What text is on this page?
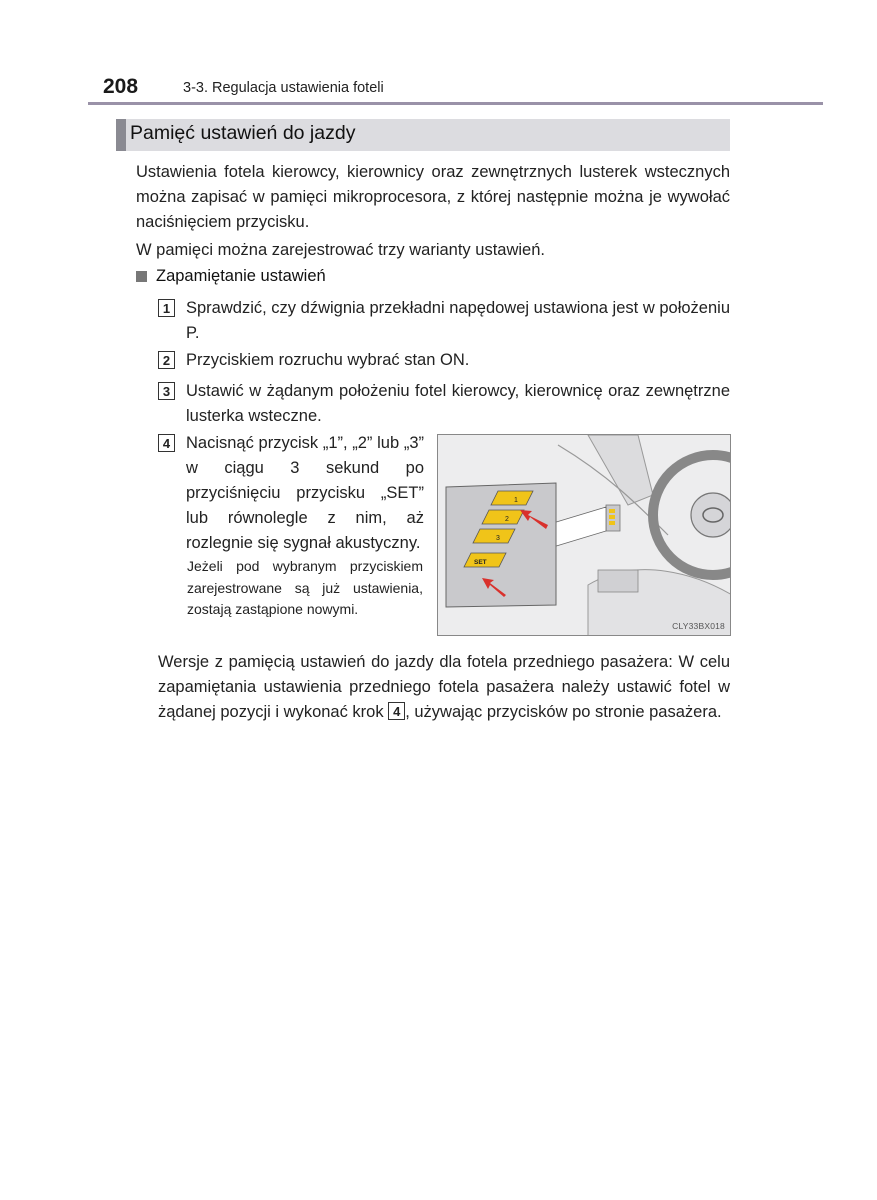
208	3-3. Regulacja ustawienia foteli
Pamięć ustawień do jazdy
Ustawienia fotela kierowcy, kierownicy oraz zewnętrznych lusterek wstecznych można zapisać w pamięci mikroprocesora, z której następnie można je wywołać naciśnięciem przycisku.
W pamięci można zarejestrować trzy warianty ustawień.
Zapamiętanie ustawień
1 Sprawdzić, czy dźwignia przekładni napędowej ustawiona jest w położeniu P.
2 Przyciskiem rozruchu wybrać stan ON.
3 Ustawić w żądanym położeniu fotel kierowcy, kierownicę oraz zewnętrzne lusterka wsteczne.
4 Nacisnąć przycisk „1”, „2” lub „3” w ciągu 3 sekund po przyciśnięciu przycisku „SET” lub równolegle z nim, aż rozlegnie się sygnał akustyczny.
Jeżeli pod wybranym przyciskiem zarejestrowane są już ustawienia, zostają zastąpione nowymi.
1
2
3
SET
CLY33BX018
Wersje z pamięcią ustawień do jazdy dla fotela przedniego pasażera: W celu zapamiętania ustawienia przedniego fotela pasażera należy ustawić fotel w żądanej pozycji i wykonać krok 4 , używając przycisków po stronie pasażera.
